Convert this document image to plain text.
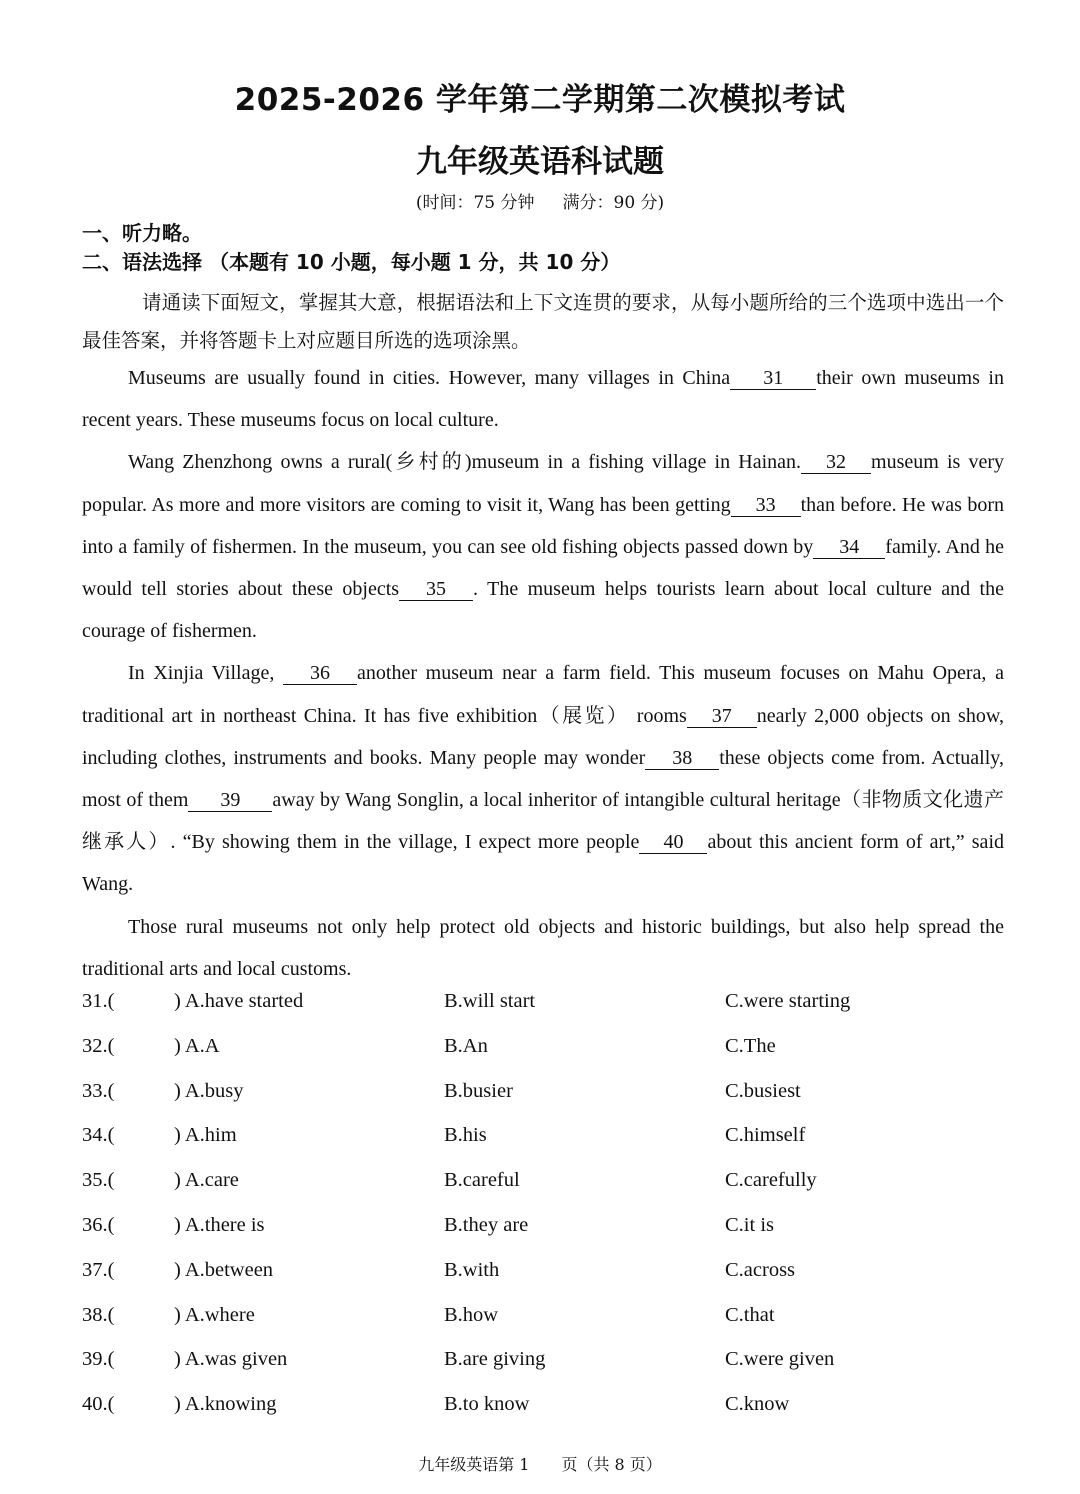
2025-2026 学年第二学期第二次模拟考试
九年级英语科试题
(时间：75 分钟 满分：90 分)
一、听力略。
二、语法选择 （本题有 10 小题，每小题 1 分，共 10 分）
请通读下面短文，掌握其大意，根据语法和上下文连贯的要求，从每小题所给的三个选项中选出一个最佳答案，并将答题卡上对应题目所选的选项涂黑。

Museums are usually found in cities. However, many villages in China 31 their own museums in recent years. These museums focus on local culture.

Wang Zhenzhong owns a rural(乡村的)museum in a fishing village in Hainan. 32 museum is very popular. As more and more visitors are coming to visit it, Wang has been getting 33 than before. He was born into a family of fishermen. In the museum, you can see old fishing objects passed down by 34 family. And he would tell stories about these objects 35 . The museum helps tourists learn about local culture and the courage of fishermen.

In Xinjia Village, 36 another museum near a farm field. This museum focuses on Mahu Opera, a traditional art in northeast China. It has five exhibition（展览） rooms 37 nearly 2,000 objects on show, including clothes, instruments and books. Many people may wonder 38 these objects come from. Actually, most of them 39 away by Wang Songlin, a local inheritor of intangible cultural heritage（非物质文化遗产继承人）. “By showing them in the village, I expect more people 40 about this ancient form of art,” said Wang.

Those rural museums not only help protect old objects and historic buildings, but also help spread the traditional arts and local customs.

31.(	) A.have started	B.will start	C.were starting
32.(	) A.A	B.An	C.The
33.(	) A.busy	B.busier	C.busiest
34.(	) A.him	B.his	C.himself
35.(	) A.care	B.careful	C.carefully
36.(	) A.there is	B.they are	C.it is
37.(	) A.between	B.with	C.across
38.(	) A.where	B.how	C.that
39.(	) A.was given	B.are giving	C.were given
40.(	) A.knowing	B.to know	C.know
九年级英语第 1　　页（共 8 页）
